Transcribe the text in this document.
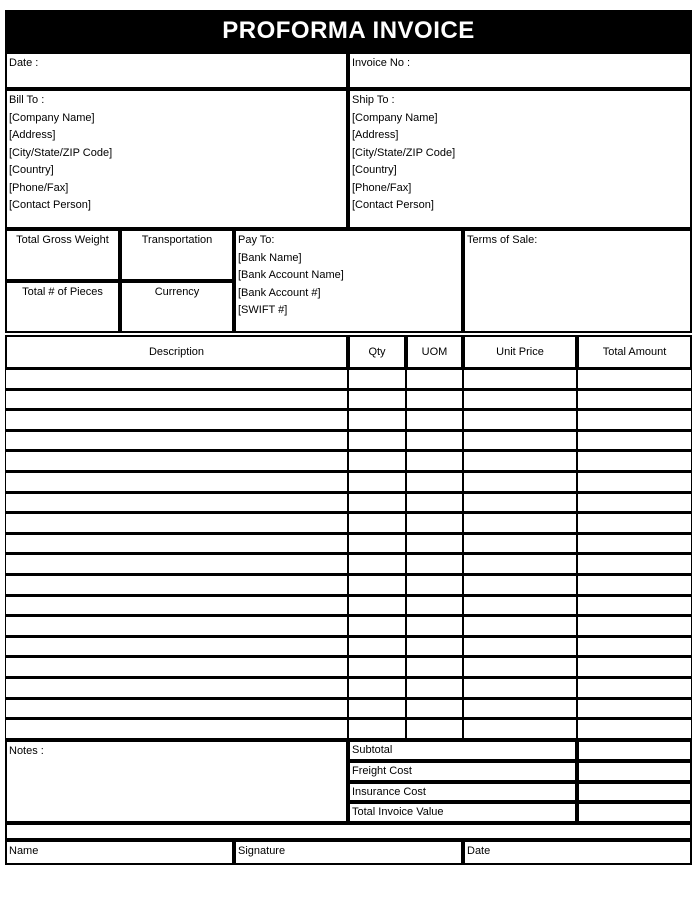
PROFORMA INVOICE
Date :	Invoice No :
Bill To :
[Company Name]
[Address]
[City/State/ZIP Code]
[Country]
[Phone/Fax]
[Contact Person]
Ship To :
[Company Name]
[Address]
[City/State/ZIP Code]
[Country]
[Phone/Fax]
[Contact Person]
Total Gross Weight	Transportation
Total # of Pieces	Currency
Pay To:
[Bank Name]
[Bank Account Name]
[Bank Account #]
[SWIFT #]
Terms of Sale:
Description	Qty	UOM	Unit Price	Total Amount
Notes :	Subtotal
Freight Cost
Insurance Cost
Total Invoice Value
Name	Signature	Date
